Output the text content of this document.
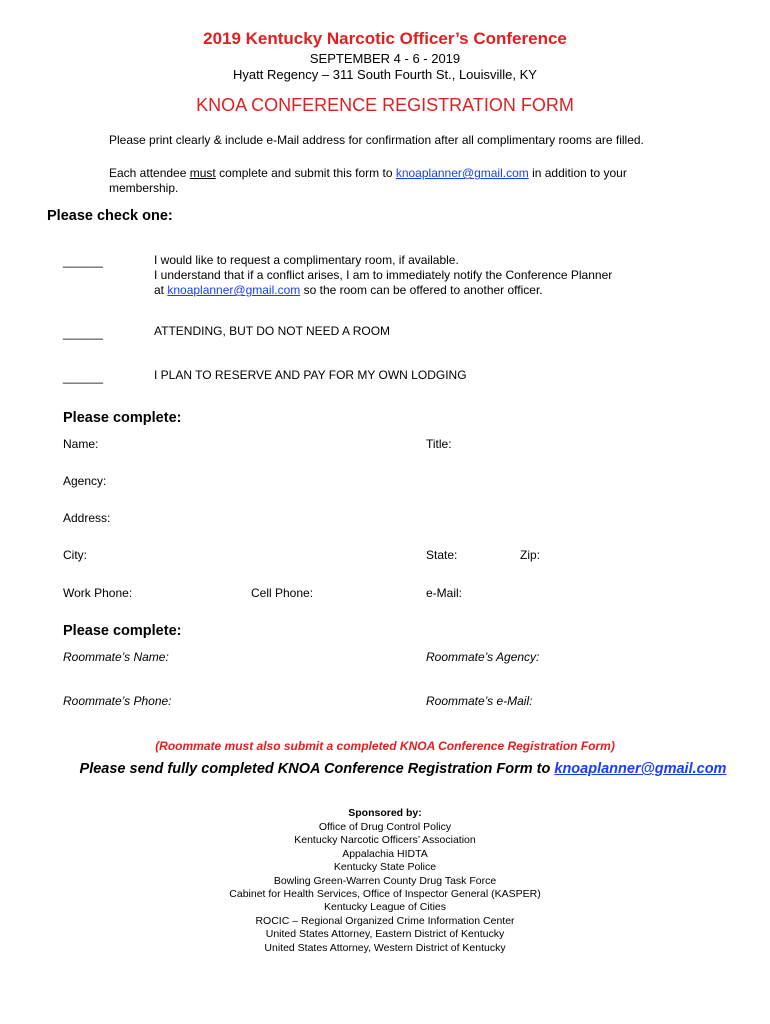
2019 Kentucky Narcotic Officer’s Conference
SEPTEMBER 4 - 6 - 2019
Hyatt Regency – 311 South Fourth St., Louisville, KY
KNOA CONFERENCE REGISTRATION FORM
Please print clearly & include e-Mail address for confirmation after all complimentary rooms are filled.
Each attendee must complete and submit this form to knoaplanner@gmail.com in addition to your
membership.
Please check one:
______	I would like to request a complimentary room, if available.
I understand that if a conflict arises, I am to immediately notify the Conference Planner
at knoaplanner@gmail.com so the room can be offered to another officer.
______	ATTENDING, BUT DO NOT NEED A ROOM
______	I PLAN TO RESERVE AND PAY FOR MY OWN LODGING
Please complete:
Name:	Title:
Agency:
Address:
City:	State:	Zip:
Work Phone:	Cell Phone:	e-Mail:
Please complete:
Roommate’s Name:	Roommate’s Agency:
Roommate’s Phone:	Roommate’s e-Mail:
(Roommate must also submit a completed KNOA Conference Registration Form)
Please send fully completed KNOA Conference Registration Form to knoaplanner@gmail.com
Sponsored by:
Office of Drug Control Policy
Kentucky Narcotic Officers’ Association
Appalachia HIDTA
Kentucky State Police
Bowling Green-Warren County Drug Task Force
Cabinet for Health Services, Office of Inspector General (KASPER)
Kentucky League of Cities
ROCIC – Regional Organized Crime Information Center
United States Attorney, Eastern District of Kentucky
United States Attorney, Western District of Kentucky
